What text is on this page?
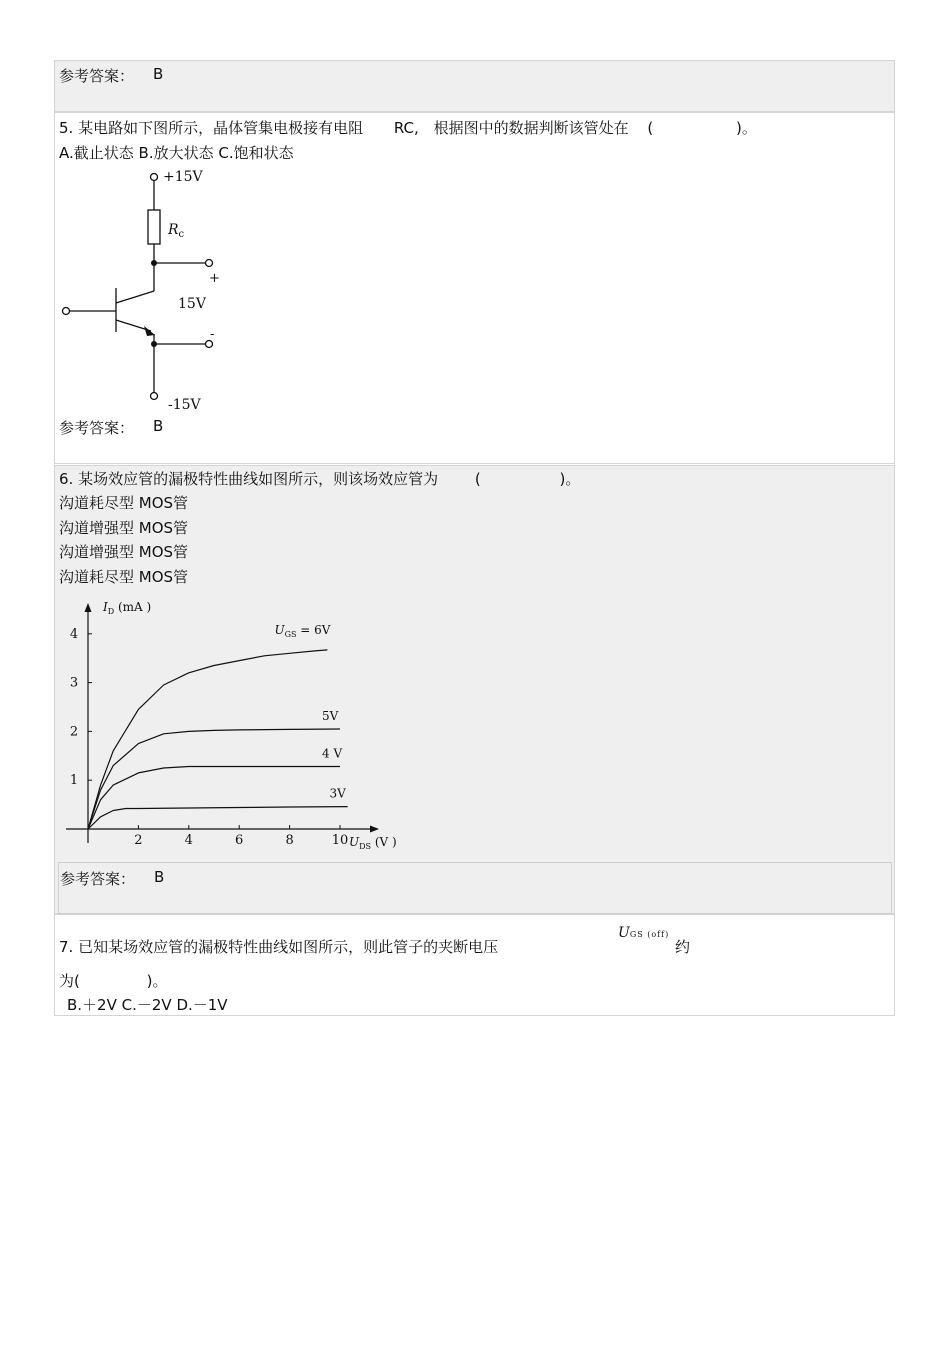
参考答案： B
5. 某电路如下图所示，晶体管集电极接有电阻 RC, 根据图中的数据判断该管处在 (	)。
A.截止状态 B.放大状态 C.饱和状态
参考答案： B
+15V
$R_c$
+
15V
-
-15V
6. 某场效应管的漏极特性曲线如图所示，则该场效应管为 (	)。
沟道耗尽型 MOS管
沟道增强型 MOS管
沟道增强型 MOS管
沟道耗尽型 MOS管
参考答案： B
$I_D$ (mA )
$U_{DS}$ (V )
2	4	6	8	10
1
2
3
4	$U_{GS} = 6V$
5V
4 V
3V
7. 已知某场效应管的漏极特性曲线如图所示，则此管子的夹断电压
UGS (off)
约
为(	)。
B.＋2V C.－2V D.－1V
